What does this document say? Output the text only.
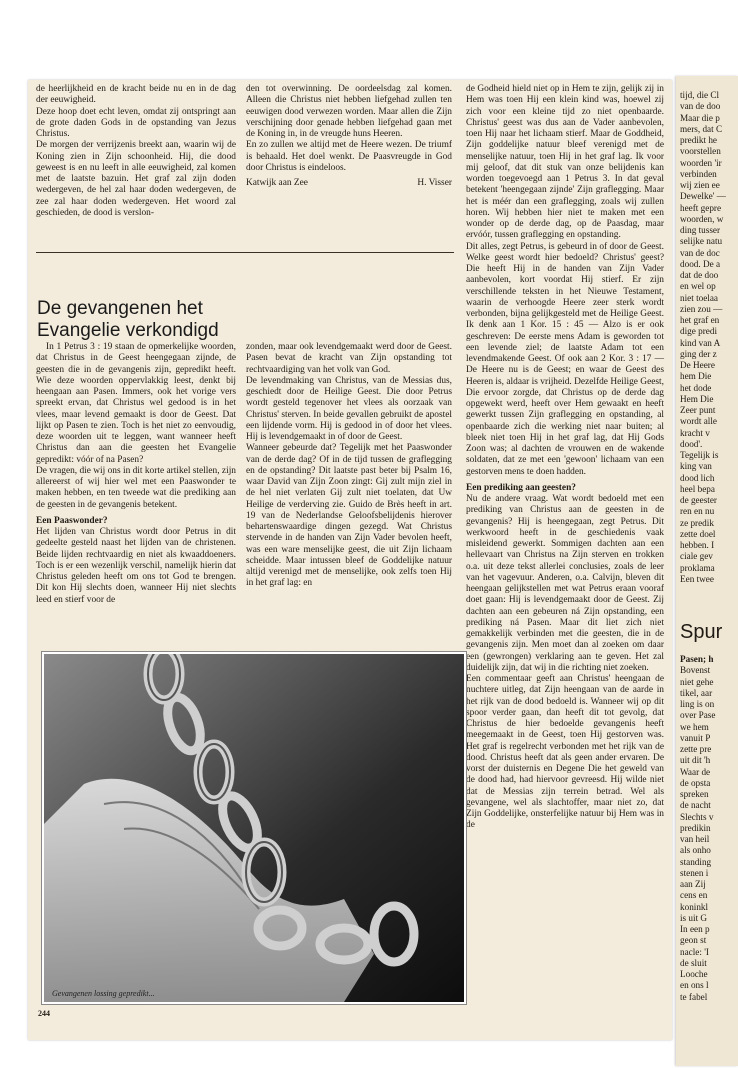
de heerlijkheid en de kracht beide nu en in de dag der eeuwigheid.

Deze hoop doet echt leven, omdat zij ontspringt aan de grote daden Gods in de opstanding van Jezus Christus.

De morgen der verrijzenis breekt aan, waarin wij de Koning zien in Zijn schoonheid. Hij, die dood geweest is en nu leeft in alle eeuwigheid, zal komen met de laatste bazuin. Het graf zal zijn doden wedergeven, de hel zal haar doden wedergeven, de zee zal haar doden wedergeven. Het woord zal geschieden, de dood is verslon-

den tot overwinning. De oordeelsdag zal komen. Alleen die Christus niet hebben liefgehad zullen ten eeuwigen dood verwezen worden. Maar allen die Zijn verschijning door genade hebben liefgehad gaan met de Koning in, in de vreugde huns Heeren.

En zo zullen we altijd met de Heere wezen. De triumf is behaald. Het doel wenkt. De Paasvreugde in God door Christus is eindeloos.

Katwijk aan Zee	H. Visser
De gevangenen het Evangelie verkondigd

In 1 Petrus 3 : 19 staan de opmerkelijke woorden, dat Christus in de Geest heengegaan zijnde, de geesten die in de gevangenis zijn, gepredikt heeft. Wie deze woorden oppervlakkig leest, denkt bij heengaan aan Pasen. Immers, ook het vorige vers spreekt ervan, dat Christus wel gedood is in het vlees, maar levend gemaakt is door de Geest. Dat lijkt op Pasen te zien. Toch is het niet zo eenvoudig, deze woorden uit te leggen, want wanneer heeft Christus dan aan die geesten het Evangelie gepredikt: vóór of na Pasen?

De vragen, die wij ons in dit korte artikel stellen, zijn allereerst of wij hier wel met een Paaswonder te maken hebben, en ten tweede wat die prediking aan de geesten in de gevangenis betekent.

Een Paaswonder?

Het lijden van Christus wordt door Petrus in dit gedeelte gesteld naast het lijden van de christenen. Beide lijden rechtvaardig en niet als kwaaddoeners. Toch is er een wezenlijk verschil, namelijk hierin dat Christus geleden heeft om ons tot God te brengen. Dit kon Hij slechts doen, wanneer Hij niet slechts leed en stierf voor de

zonden, maar ook levendgemaakt werd door de Geest. Pasen bevat de kracht van Zijn opstanding tot rechtvaardiging van het volk van God.

De levendmaking van Christus, van de Messias dus, geschiedt door de Heilige Geest. Die door Petrus wordt gesteld tegenover het vlees als oorzaak van Christus' sterven. In beide gevallen gebruikt de apostel een lijdende vorm. Hij is gedood in of door het vlees. Hij is levendgemaakt in of door de Geest.

Wanneer gebeurde dat? Tegelijk met het Paaswonder van de derde dag? Of in de tijd tussen de graflegging en de opstanding? Dit laatste past beter bij Psalm 16, waar David van Zijn Zoon zingt: Gij zult mijn ziel in de hel niet verlaten Gij zult niet toelaten, dat Uw Heilige de verderving zie. Guido de Brès heeft in art. 19 van de Nederlandse Geloofsbelijdenis hierover behartenswaardige dingen gezegd. Wat Christus stervende in de handen van Zijn Vader bevolen heeft, was een ware menselijke geest, die uit Zijn lichaam scheidde. Maar intussen bleef de Goddelijke natuur altijd verenigd met de menselijke, ook zelfs toen Hij in het graf lag: en

de Godheid hield niet op in Hem te zijn, gelijk zij in Hem was toen Hij een klein kind was, hoewel zij zich voor een kleine tijd zo niet openbaarde. Christus' geest was dus aan de Vader aanbevolen, toen Hij naar het lichaam stierf. Maar de Goddheid, Zijn goddelijke natuur bleef verenigd met de menselijke natuur, toen Hij in het graf lag. Ik voor mij geloof, dat dit stuk van onze belijdenis kan worden toegevoegd aan 1 Petrus 3. In dat geval betekent 'heengegaan zijnde' Zijn graflegging. Maar het is méér dan een graflegging, zoals wij zullen horen. Wij hebben hier niet te maken met een wonder op de derde dag, op de Paasdag, maar ervóór, tussen graflegging en opstanding.

Dit alles, zegt Petrus, is gebeurd in of door de Geest. Welke geest wordt hier bedoeld? Christus' geest? Die heeft Hij in de handen van Zijn Vader aanbevolen, kort voordat Hij stierf. Er zijn verschillende teksten in het Nieuwe Testament, waarin de verhoogde Heere zeer sterk wordt verbonden, bijna gelijkgesteld met de Heilige Geest. Ik denk aan 1 Kor. 15 : 45 — Alzo is er ook geschreven: De eerste mens Adam is geworden tot een levende ziel; de laatste Adam tot een levendmakende Geest. Of ook aan 2 Kor. 3 : 17 — De Heere nu is de Geest; en waar de Geest des Heeren is, aldaar is vrijheid. Dezelfde Heilige Geest, Die ervoor zorgde, dat Christus op de derde dag opgewekt werd, heeft over Hem gewaakt en heeft gewerkt tussen Zijn graflegging en opstanding, al openbaarde zich die werking niet naar buiten; al bleek niet toen Hij in het graf lag, dat Hij Gods Zoon was; al dachten de vrouwen en de wakende soldaten, dat ze met een 'gewoon' lichaam van een gestorven mens te doen hadden.

Een prediking aan geesten?

Nu de andere vraag. Wat wordt bedoeld met een prediking van Christus aan de geesten in de gevangenis? Hij is heengegaan, zegt Petrus. Dit werkwoord heeft in de geschiedenis vaak misleidend gewerkt. Sommigen dachten aan een hellevaart van Christus na Zijn sterven en trokken o.a. uit deze tekst allerlei conclusies, zoals de leer van het vagevuur. Anderen, o.a. Calvijn, bleven dit heengaan gelijkstellen met wat Petrus eraan vooraf doet gaan: Hij is levendgemaakt door de Geest. Zij dachten aan een gebeuren ná Zijn opstanding, een prediking ná Pasen. Maar dit liet zich niet gemakkelijk verbinden met die geesten, die in de gevangenis zijn. Men moet dan al zoeken om daar een (gewrongen) verklaring aan te geven. Het zal duidelijk zijn, dat wij in die richting niet zoeken.

Een commentaar geeft aan Christus' heengaan de nuchtere uitleg, dat Zijn heengaan van de aarde in het rijk van de dood bedoeld is. Wanneer wij op dit spoor verder gaan, dan heeft dit tot gevolg, dat Christus de hier bedoelde gevangenis heeft meegemaakt in de Geest, toen Hij gestorven was. Het graf is regelrecht verbonden met het rijk van de dood. Christus heeft dat als geen ander ervaren. De vorst der duisternis en Degene Die het geweld van de dood had, had hiervoor gevreesd. Hij wilde niet dat de Messias zijn terrein betrad. Wel als gevangene, wel als slachtoffer, maar niet zo, dat Zijn Goddelijke, onsterfelijke natuur bij Hem was in de

Gevangenen lossing gepredikt...
244
tijd, die Cl
van de doo
Maar die p
mers, dat C
predikt he
voorstellen
woorden 'ir
verbinden
wij zien ee
Dewelke' —
heeft gepre
woorden, w
ding tusser
selijke natu
van de doc
dood. De a
dat de doo
en wel op
niet toelaa
zien zou —
het graf en
dige predi
kind van A
ging der z
De Heere
hem Die
het dode
Hem Die
Zeer punt
wordt alle
kracht v
dood'.
Tegelijk is
king van
dood lich
heel bepa
de geester
ren en nu
ze predik
zette doel
hebben. I
ciale gev
proklama
Een twee
Spur
Pasen; h
Bovenst
niet gehe
tikel, aar
ling is on
over Pase
we hem
vanuit P
zette pre
uit dit 'h
Waar de
de opsta
spreken
de nacht
Slechts v
predikin
van heil
als onho
standing
stenen i
aan Zij
cens en
koninkl
is uit G
In een p
geon st
nacle: 'I
de sluit
Looche
en ons l
te fabel
